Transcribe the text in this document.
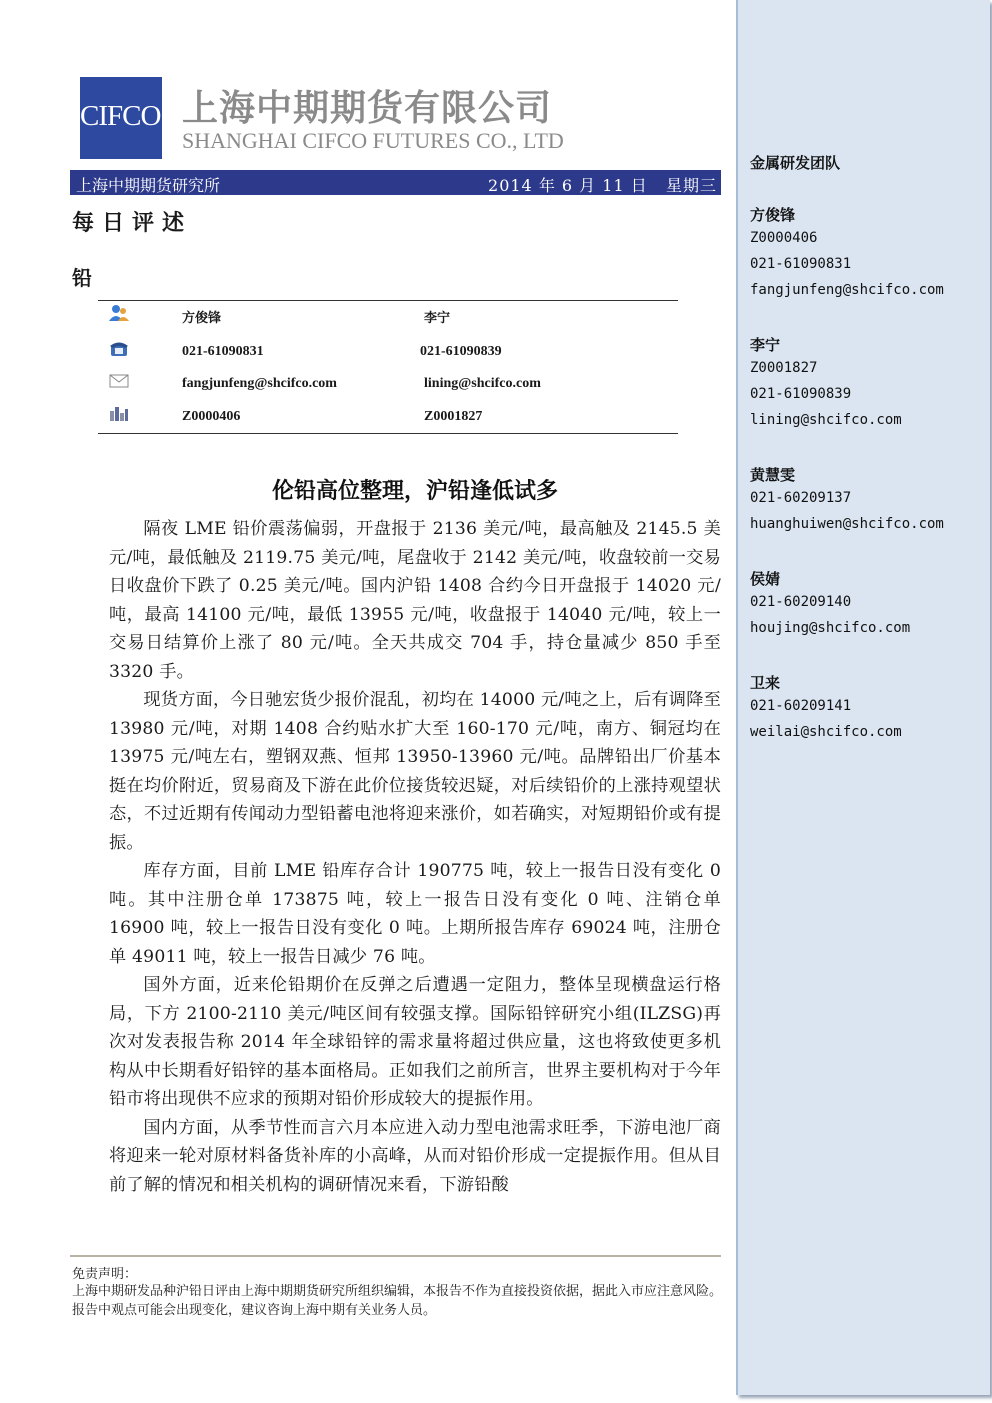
CIFCO 上海中期期货有限公司
SHANGHAI CIFCO FUTURES CO., LTD
上海中期期货研究所	2014 年 6 月 11 日 星期三
每日评述
铅
方俊锋	李宁
021-61090831	021-61090839
fangjunfeng@shcifco.com	lining@shcifco.com
Z0000406	Z0001827
伦铅高位整理，沪铅逢低试多

隔夜 LME 铅价震荡偏弱，开盘报于 2136 美元/吨，最高触及 2145.5 美元/吨，最低触及 2119.75 美元/吨，尾盘收于 2142 美元/吨，收盘较前一交易日收盘价下跌了 0.25 美元/吨。国内沪铅 1408 合约今日开盘报于 14020 元/吨，最高 14100 元/吨，最低 13955 元/吨，收盘报于 14040 元/吨，较上一交易日结算价上涨了 80 元/吨。全天共成交 704 手，持仓量减少 850 手至 3320 手。

现货方面，今日驰宏货少报价混乱，初均在 14000 元/吨之上，后有调降至 13980 元/吨，对期 1408 合约贴水扩大至 160-170 元/吨，南方、铜冠均在 13975 元/吨左右，塑钢双燕、恒邦 13950-13960 元/吨。品牌铅出厂价基本挺在均价附近，贸易商及下游在此价位接货较迟疑，对后续铅价的上涨持观望状态，不过近期有传闻动力型铅蓄电池将迎来涨价，如若确实，对短期铅价或有提振。

库存方面，目前 LME 铅库存合计 190775 吨，较上一报告日没有变化 0 吨。其中注册仓单 173875 吨，较上一报告日没有变化 0 吨、注销仓单 16900 吨，较上一报告日没有变化 0 吨。上期所报告库存 69024 吨，注册仓单 49011 吨，较上一报告日减少 76 吨。

国外方面，近来伦铅期价在反弹之后遭遇一定阻力，整体呈现横盘运行格局，下方 2100-2110 美元/吨区间有较强支撑。国际铅锌研究小组(ILZSG)再次对发表报告称 2014 年全球铅锌的需求量将超过供应量，这也将致使更多机构从中长期看好铅锌的基本面格局。正如我们之前所言，世界主要机构对于今年铅市将出现供不应求的预期对铅价形成较大的提振作用。

国内方面，从季节性而言六月本应进入动力型电池需求旺季，下游电池厂商将迎来一轮对原材料备货补库的小高峰，从而对铅价形成一定提振作用。但从目前了解的情况和相关机构的调研情况来看，下游铅酸

免责声明：
上海中期研发品种沪铅日评由上海中期期货研究所组织编辑，本报告不作为直接投资依据，据此入市应注意风险。报告中观点可能会出现变化，建议咨询上海中期有关业务人员。
金属研发团队
方俊锋
Z0000406
021-61090831
fangjunfeng@shcifco.com
李宁
Z0001827
021-61090839
lining@shcifco.com
黄慧雯
021-60209137
huanghuiwen@shcifco.com
侯婧
021-60209140
houjing@shcifco.com
卫来
021-60209141
weilai@shcifco.com
